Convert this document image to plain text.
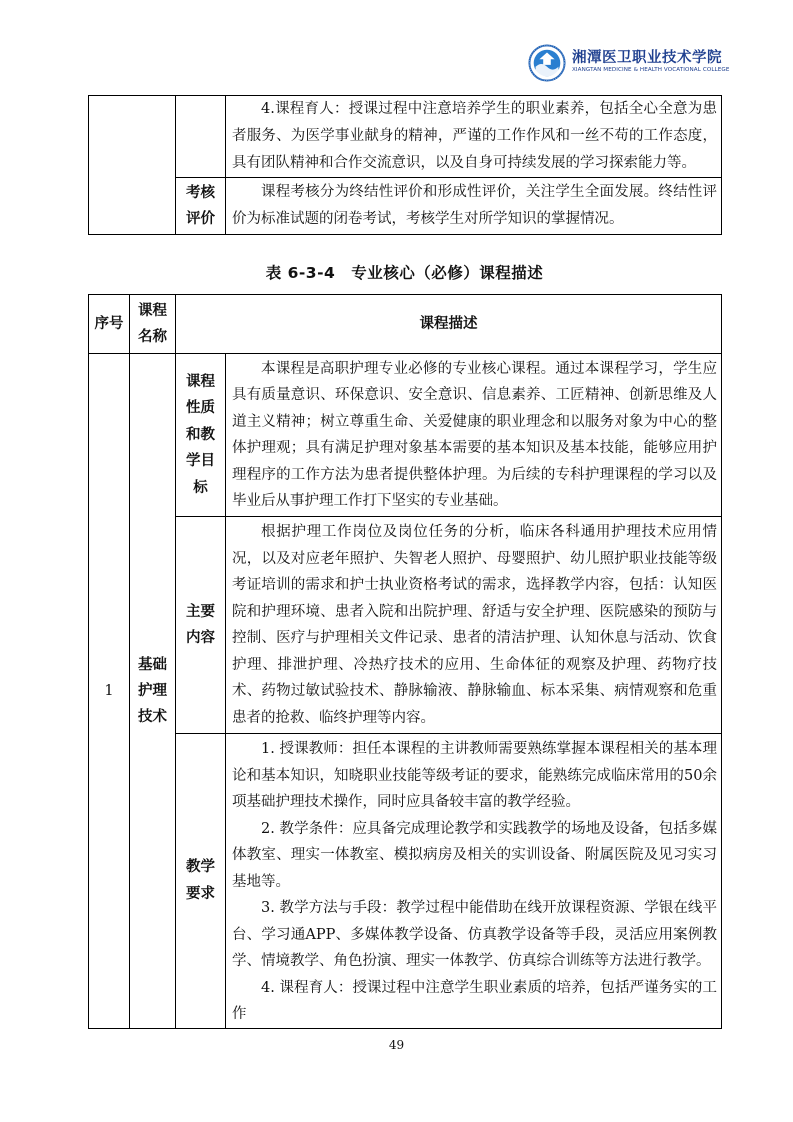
湘潭医卫职业技术学院
XIANGTAN MEDICINE & HEALTH VOCATIONAL COLLEGE

		4.课程育人：授课过程中注意培养学生的职业素养，包括全心全意为患者服务、为医学事业献身的精神，严谨的工作作风和一丝不苟的工作态度，具有团队精神和合作交流意识，以及自身可持续发展的学习探索能力等。

	考核评价	课程考核分为终结性评价和形成性评价，关注学生全面发展。终结性评价为标准试题的闭卷考试，考核学生对所学知识的掌握情况。
表 6-3-4　专业核心（必修）课程描述
序号	课程名称	课程描述	
1	基础护理技术	课程性质和教学目标	本课程是高职护理专业必修的专业核心课程。通过本课程学习，学生应具有质量意识、环保意识、安全意识、信息素养、工匠精神、创新思维及人道主义精神；树立尊重生命、关爱健康的职业理念和以服务对象为中心的整体护理观；具有满足护理对象基本需要的基本知识及基本技能，能够应用护理程序的工作方法为患者提供整体护理。为后续的专科护理课程的学习以及毕业后从事护理工作打下坚实的专业基础。

		主要内容	根据护理工作岗位及岗位任务的分析，临床各科通用护理技术应用情况，以及对应老年照护、失智老人照护、母婴照护、幼儿照护职业技能等级考证培训的需求和护士执业资格考试的需求，选择教学内容，包括：认知医院和护理环境、患者入院和出院护理、舒适与安全护理、医院感染的预防与控制、医疗与护理相关文件记录、患者的清洁护理、认知休息与活动、饮食护理、排泄护理、冷热疗技术的应用、生命体征的观察及护理、药物疗技术、药物过敏试验技术、静脉输液、静脉输血、标本采集、病情观察和危重患者的抢救、临终护理等内容。

		教学要求	1. 授课教师：担任本课程的主讲教师需要熟练掌握本课程相关的基本理论和基本知识，知晓职业技能等级考证的要求，能熟练完成临床常用的50余项基础护理技术操作，同时应具备较丰富的教学经验。
2. 教学条件：应具备完成理论教学和实践教学的场地及设备，包括多媒体教室、理实一体教室、模拟病房及相关的实训设备、附属医院及见习实习基地等。
3. 教学方法与手段：教学过程中能借助在线开放课程资源、学银在线平台、学习通APP、多媒体教学设备、仿真教学设备等手段，灵活应用案例教学、情境教学、角色扮演、理实一体教学、仿真综合训练等方法进行教学。
4. 课程育人：授课过程中注意学生职业素质的培养，包括严谨务实的工作
49
